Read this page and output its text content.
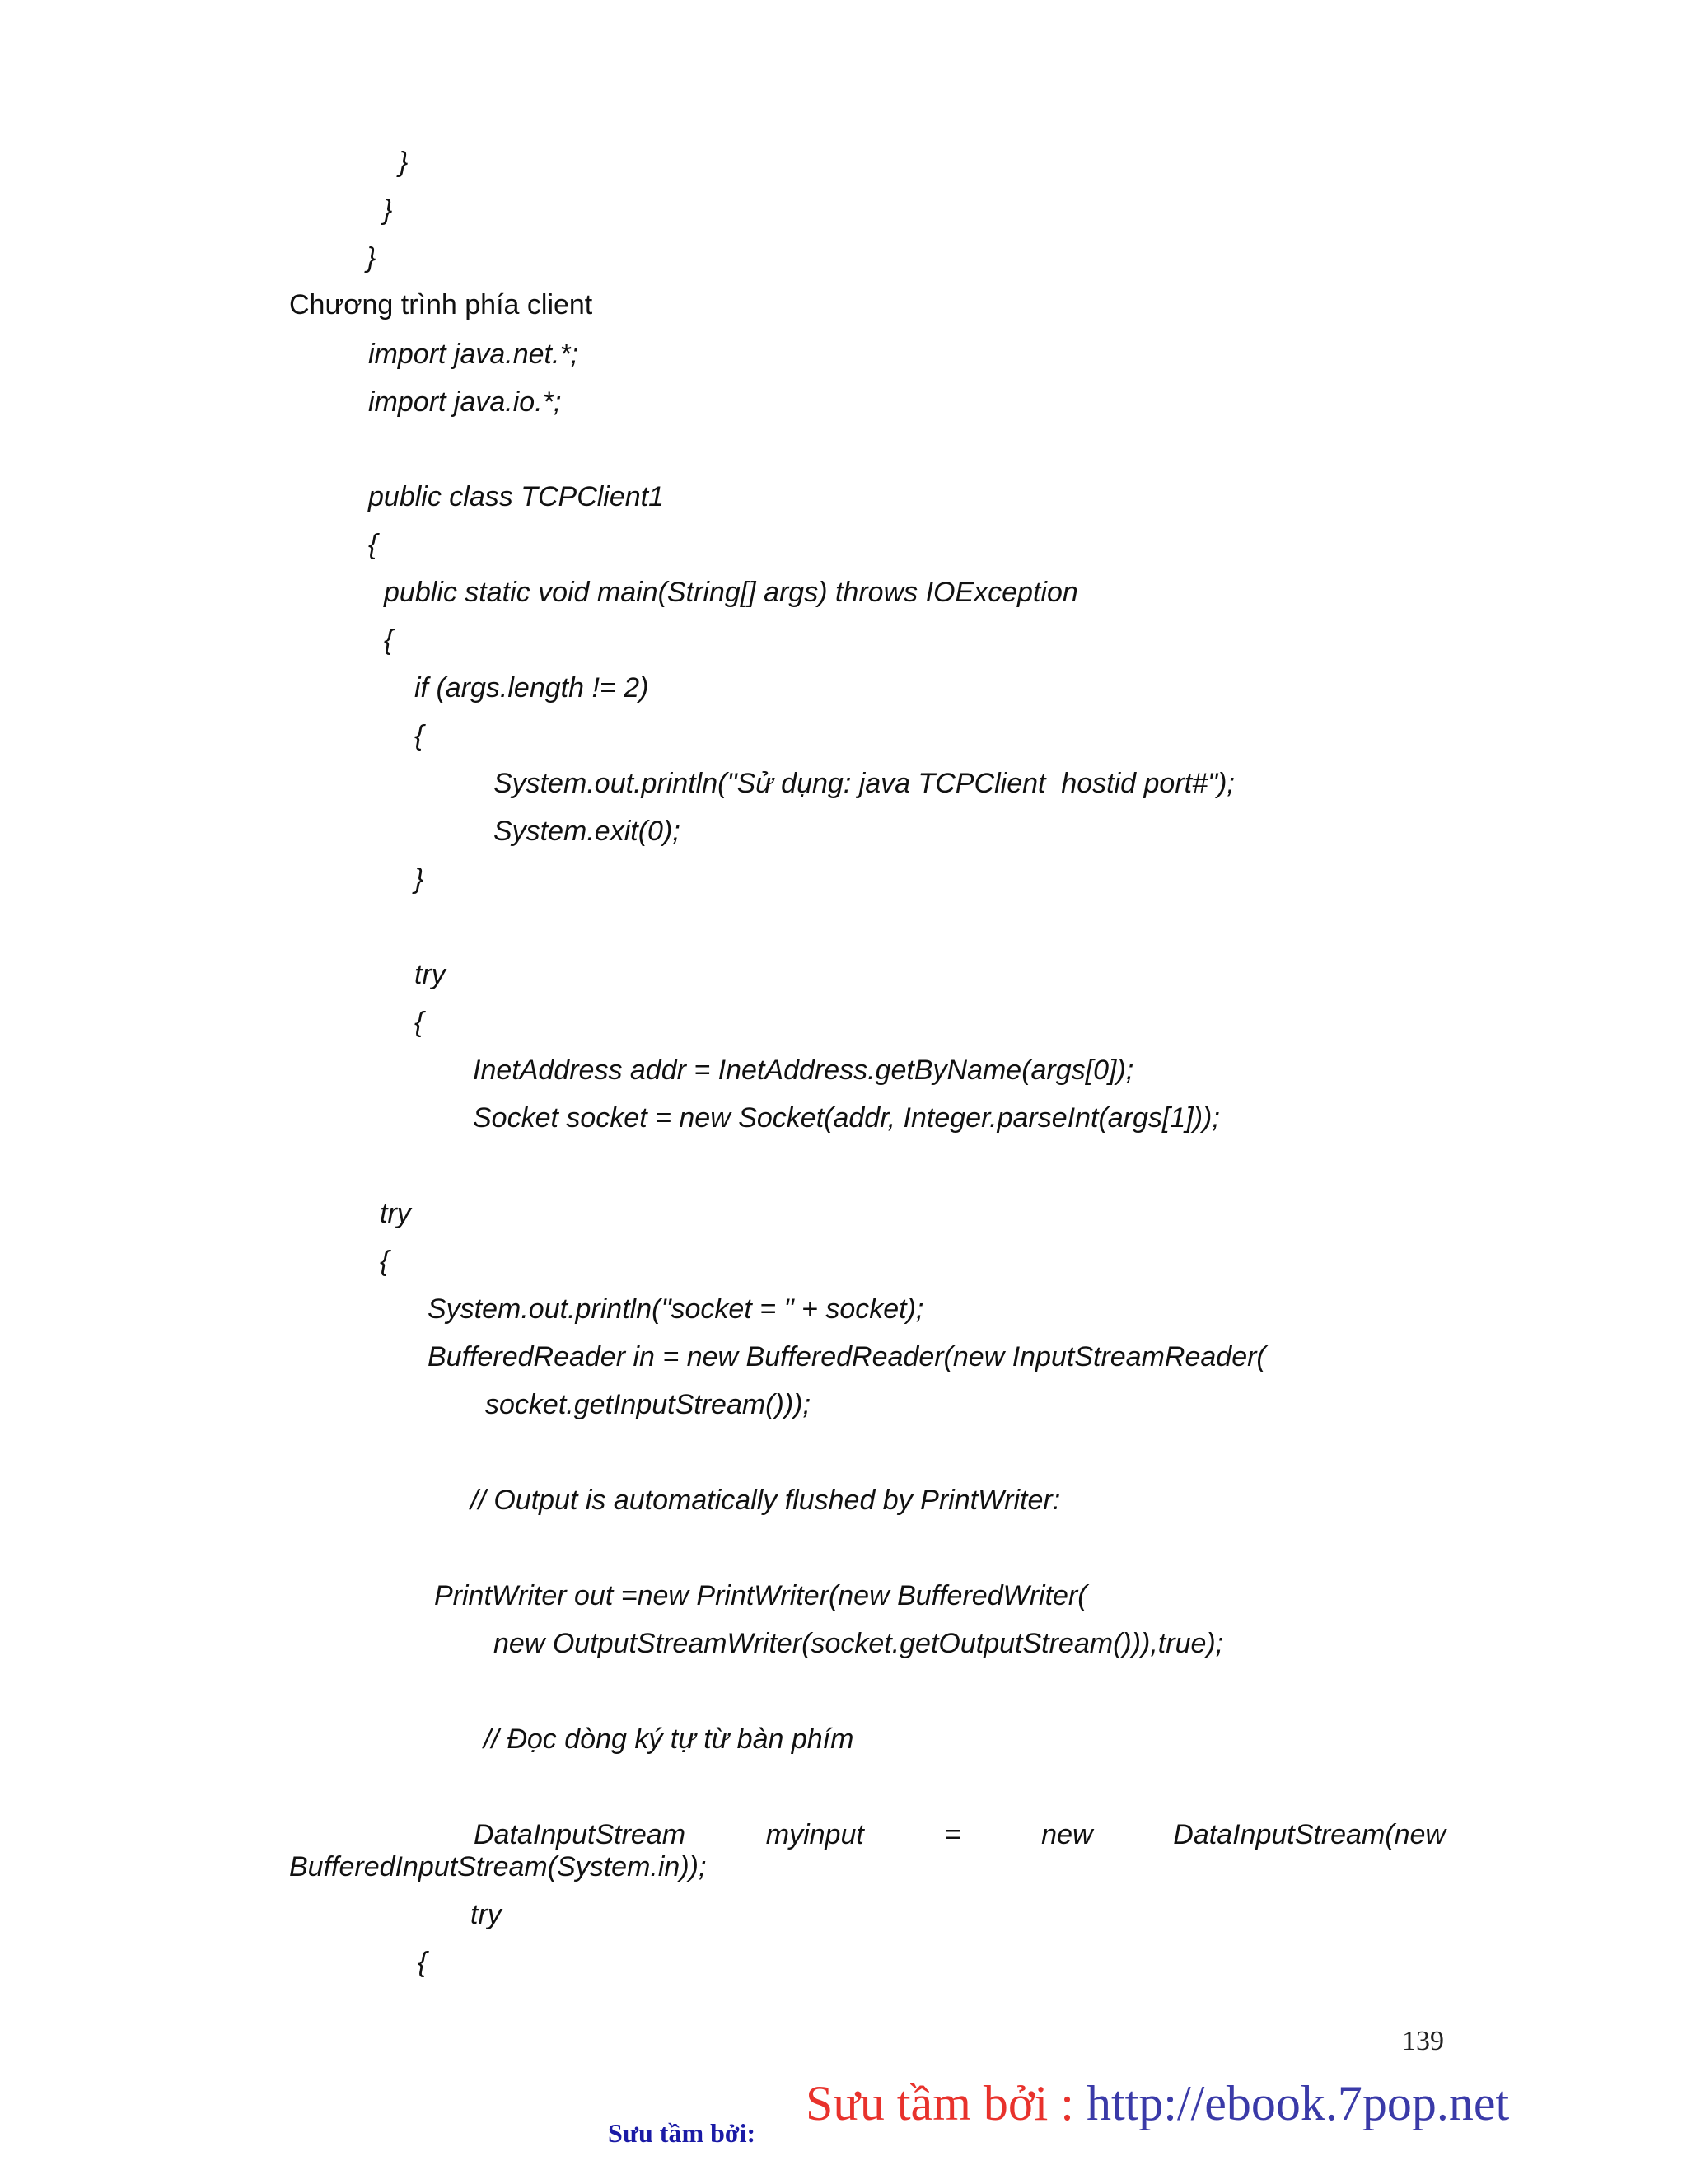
}
}
}
Chương trình phía client
import java.net.*;
import java.io.*;
public class TCPClient1
{
public static void main(String[] args) throws IOException
{
if (args.length != 2)
{
System.out.println("Sử dụng: java TCPClient  hostid port#");
System.exit(0);
}
try
{
InetAddress addr = InetAddress.getByName(args[0]);
Socket socket = new Socket(addr, Integer.parseInt(args[1]));
try
{
System.out.println("socket = " + socket);
BufferedReader in = new BufferedReader(new InputStreamReader(
socket.getInputStream()));
// Output is automatically flushed by PrintWriter:
PrintWriter out =new PrintWriter(new BufferedWriter(
new OutputStreamWriter(socket.getOutputStream())),true);
// Đọc dòng ký tự từ bàn phím
DataInputStream	myinput	=	new	DataInputStream(new
BufferedInputStream(System.in));
try
{
139
Sưu tầm bởi:
Sưu tầm bởi : http://ebook.7pop.net
